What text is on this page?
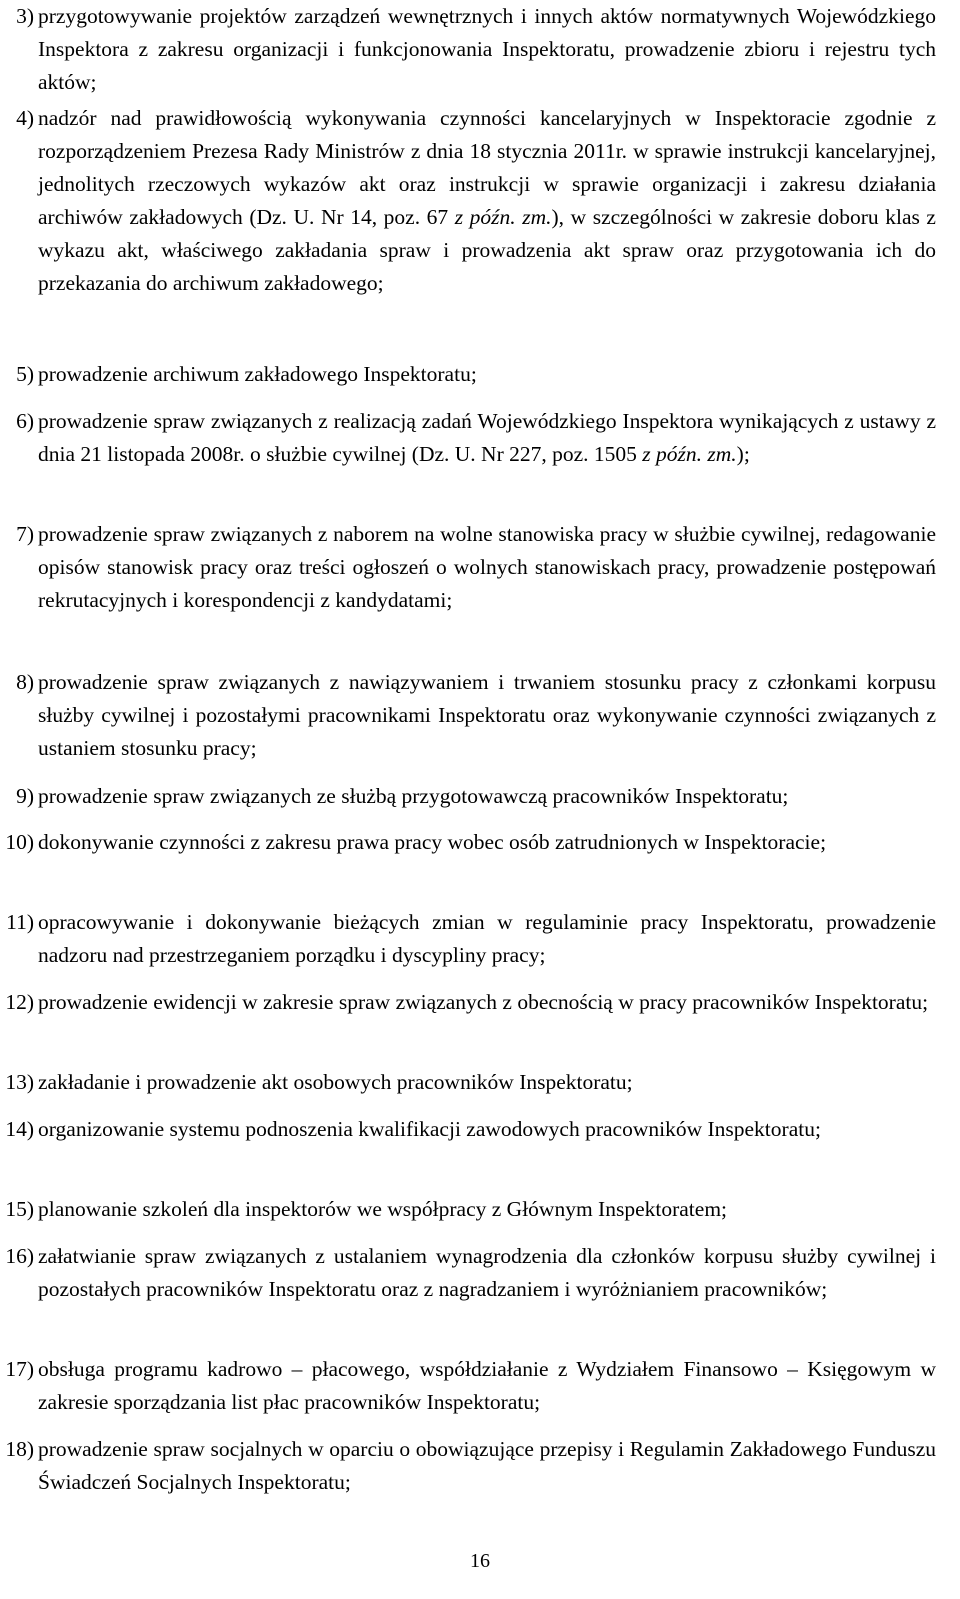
3) przygotowywanie projektów zarządzeń wewnętrznych i innych aktów normatywnych Wojewódzkiego Inspektora z zakresu organizacji i funkcjonowania Inspektoratu, prowadzenie zbioru i rejestru tych aktów;
4) nadzór nad prawidłowością wykonywania czynności kancelaryjnych w Inspektoracie zgodnie z rozporządzeniem Prezesa Rady Ministrów z dnia 18 stycznia 2011r. w sprawie instrukcji kancelaryjnej, jednolitych rzeczowych wykazów akt oraz instrukcji w sprawie organizacji i zakresu działania archiwów zakładowych (Dz. U. Nr 14, poz. 67 z późn. zm.), w szczególności w zakresie doboru klas z wykazu akt, właściwego zakładania spraw i prowadzenia akt spraw oraz przygotowania ich do przekazania do archiwum zakładowego;
5) prowadzenie archiwum zakładowego Inspektoratu;
6) prowadzenie spraw związanych z realizacją zadań Wojewódzkiego Inspektora wynikających z ustawy z dnia 21 listopada 2008r. o służbie cywilnej (Dz. U. Nr 227, poz. 1505 z późn. zm.);
7) prowadzenie spraw związanych z naborem na wolne stanowiska pracy w służbie cywilnej, redagowanie opisów stanowisk pracy oraz treści ogłoszeń o wolnych stanowiskach pracy, prowadzenie postępowań rekrutacyjnych i korespondencji z kandydatami;
8) prowadzenie spraw związanych z nawiązywaniem i trwaniem stosunku pracy z członkami korpusu służby cywilnej i pozostałymi pracownikami Inspektoratu oraz wykonywanie czynności związanych z ustaniem stosunku pracy;
9) prowadzenie spraw związanych ze służbą przygotowawczą pracowników Inspektoratu;
10) dokonywanie czynności z zakresu prawa pracy wobec osób zatrudnionych w Inspektoracie;
11) opracowywanie i dokonywanie bieżących zmian w regulaminie pracy Inspektoratu, prowadzenie nadzoru nad przestrzeganiem porządku i dyscypliny pracy;
12) prowadzenie ewidencji w zakresie spraw związanych z obecnością w pracy pracowników Inspektoratu;
13) zakładanie i prowadzenie akt osobowych pracowników Inspektoratu;
14) organizowanie systemu podnoszenia kwalifikacji zawodowych pracowników Inspektoratu;
15) planowanie szkoleń dla inspektorów we współpracy z Głównym Inspektoratem;
16) załatwianie spraw związanych z ustalaniem wynagrodzenia dla członków korpusu służby cywilnej i pozostałych pracowników Inspektoratu oraz z nagradzaniem i wyróżnianiem pracowników;
17) obsługa programu kadrowo – płacowego, współdziałanie z Wydziałem Finansowo – Księgowym w zakresie sporządzania list płac pracowników Inspektoratu;
18) prowadzenie spraw socjalnych w oparciu o obowiązujące przepisy i Regulamin Zakładowego Funduszu Świadczeń Socjalnych Inspektoratu;
16
